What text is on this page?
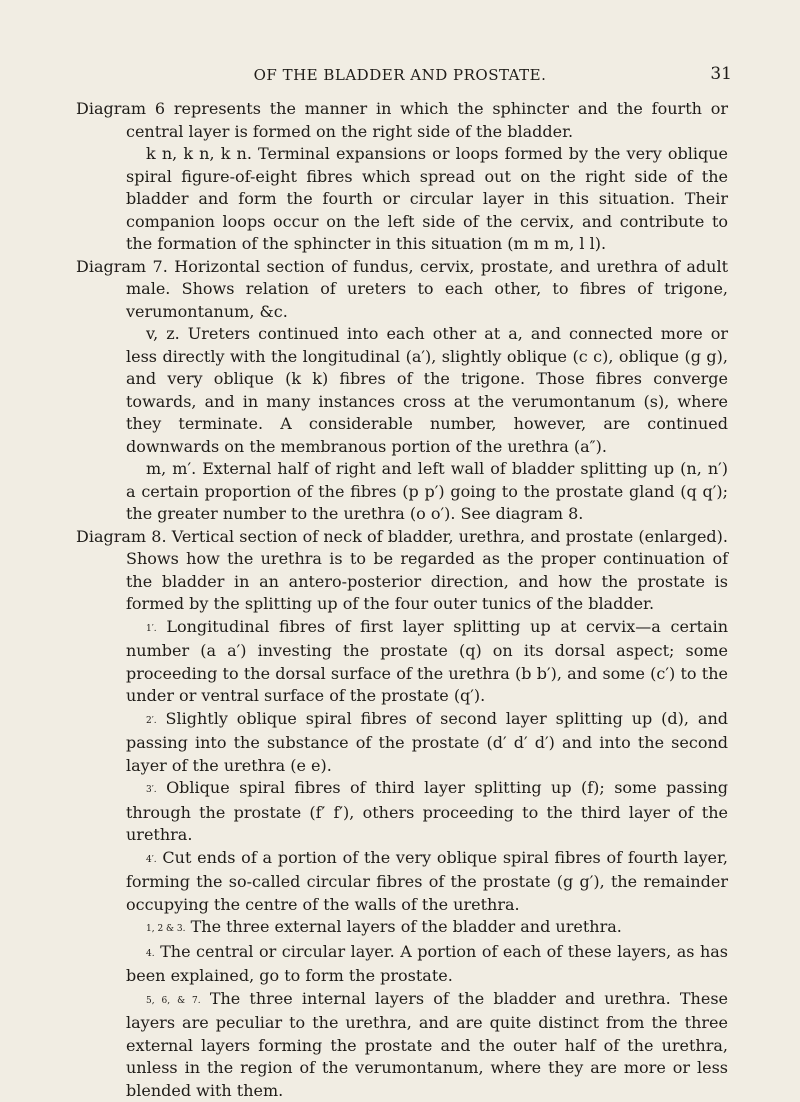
OF THE BLADDER AND PROSTATE.	31

Diagram 6 represents the manner in which the sphincter and the fourth or central layer is formed on the right side of the bladder.

k n, k n, k n. Terminal expansions or loops formed by the very oblique spiral figure-of-eight fibres which spread out on the right side of the bladder and form the fourth or circular layer in this situation. Their companion loops occur on the left side of the cervix, and contribute to the formation of the sphincter in this situation (m m m, l l).

Diagram 7. Horizontal section of fundus, cervix, prostate, and urethra of adult male. Shows relation of ureters to each other, to fibres of trigone, verumontanum, &c.

v, z. Ureters continued into each other at a, and connected more or less directly with the longitudinal (a′), slightly oblique (c c), oblique (g g), and very oblique (k k) fibres of the trigone. Those fibres converge towards, and in many instances cross at the verumontanum (s), where they terminate. A considerable number, however, are continued downwards on the membranous portion of the urethra (a″).

m, m′. External half of right and left wall of bladder splitting up (n, n′) a certain proportion of the fibres (p p′) going to the prostate gland (q q′); the greater number to the urethra (o o′). See diagram 8.

Diagram 8. Vertical section of neck of bladder, urethra, and prostate (enlarged). Shows how the urethra is to be regarded as the proper continuation of the bladder in an antero-posterior direction, and how the prostate is formed by the splitting up of the four outer tunics of the bladder.

1′. Longitudinal fibres of first layer splitting up at cervix—a certain number (a a′) investing the prostate (q) on its dorsal aspect; some proceeding to the dorsal surface of the urethra (b b′), and some (c′) to the under or ventral surface of the prostate (q′).

2′. Slightly oblique spiral fibres of second layer splitting up (d), and passing into the substance of the prostate (d′ d′ d′) and into the second layer of the urethra (e e).

3′. Oblique spiral fibres of third layer splitting up (f); some passing through the prostate (f′ f′), others proceeding to the third layer of the urethra.

4′. Cut ends of a portion of the very oblique spiral fibres of fourth layer, forming the so-called circular fibres of the prostate (g g′), the remainder occupying the centre of the walls of the urethra.

1, 2 & 3. The three external layers of the bladder and urethra.

4. The central or circular layer. A portion of each of these layers, as has been explained, go to form the prostate.

5, 6, & 7. The three internal layers of the bladder and urethra. These layers are peculiar to the urethra, and are quite distinct from the three external layers forming the prostate and the outer half of the urethra, unless in the region of the verumontanum, where they are more or less blended with them.
